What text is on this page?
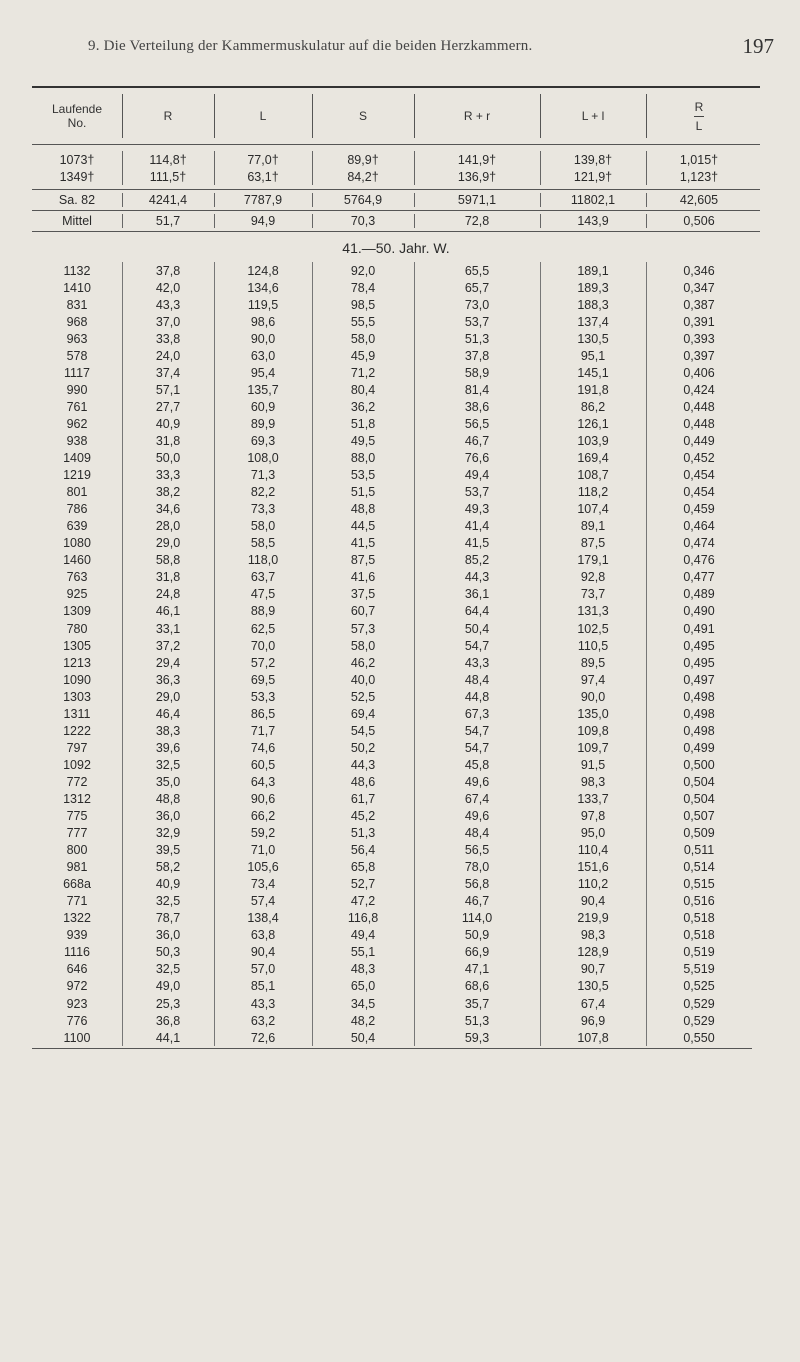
9. Die Verteilung der Kammermuskulatur auf die beiden Herzkammern.	197
Laufende
No.	R	L	S	R + r	L + l	$\frac{R}{L}$
1073†	114,8†	77,0†	89,9†	141,9†	139,8†	1,015†
1349†	111,5†	63,1†	84,2†	136,9†	121,9†	1,123†
Sa. 82	4241,4	7787,9	5764,9	5971,1	11802,1	42,605
Mittel	51,7	94,9	70,3	72,8	143,9	0,506
41.—50. Jahr. W.
1132	37,8	124,8	92,0	65,5	189,1	0,346
1410	42,0	134,6	78,4	65,7	189,3	0,347
831	43,3	119,5	98,5	73,0	188,3	0,387
968	37,0	98,6	55,5	53,7	137,4	0,391
963	33,8	90,0	58,0	51,3	130,5	0,393
578	24,0	63,0	45,9	37,8	95,1	0,397
1117	37,4	95,4	71,2	58,9	145,1	0,406
990	57,1	135,7	80,4	81,4	191,8	0,424
761	27,7	60,9	36,2	38,6	86,2	0,448
962	40,9	89,9	51,8	56,5	126,1	0,448
938	31,8	69,3	49,5	46,7	103,9	0,449
1409	50,0	108,0	88,0	76,6	169,4	0,452
1219	33,3	71,3	53,5	49,4	108,7	0,454
801	38,2	82,2	51,5	53,7	118,2	0,454
786	34,6	73,3	48,8	49,3	107,4	0,459
639	28,0	58,0	44,5	41,4	89,1	0,464
1080	29,0	58,5	41,5	41,5	87,5	0,474
1460	58,8	118,0	87,5	85,2	179,1	0,476
763	31,8	63,7	41,6	44,3	92,8	0,477
925	24,8	47,5	37,5	36,1	73,7	0,489
1309	46,1	88,9	60,7	64,4	131,3	0,490
780	33,1	62,5	57,3	50,4	102,5	0,491
1305	37,2	70,0	58,0	54,7	110,5	0,495
1213	29,4	57,2	46,2	43,3	89,5	0,495
1090	36,3	69,5	40,0	48,4	97,4	0,497
1303	29,0	53,3	52,5	44,8	90,0	0,498
1311	46,4	86,5	69,4	67,3	135,0	0,498
1222	38,3	71,7	54,5	54,7	109,8	0,498
797	39,6	74,6	50,2	54,7	109,7	0,499
1092	32,5	60,5	44,3	45,8	91,5	0,500
772	35,0	64,3	48,6	49,6	98,3	0,504
1312	48,8	90,6	61,7	67,4	133,7	0,504
775	36,0	66,2	45,2	49,6	97,8	0,507
777	32,9	59,2	51,3	48,4	95,0	0,509
800	39,5	71,0	56,4	56,5	110,4	0,511
981	58,2	105,6	65,8	78,0	151,6	0,514
668a	40,9	73,4	52,7	56,8	110,2	0,515
771	32,5	57,4	47,2	46,7	90,4	0,516
1322	78,7	138,4	116,8	114,0	219,9	0,518
939	36,0	63,8	49,4	50,9	98,3	0,518
1116	50,3	90,4	55,1	66,9	128,9	0,519
646	32,5	57,0	48,3	47,1	90,7	5,519
972	49,0	85,1	65,0	68,6	130,5	0,525
923	25,3	43,3	34,5	35,7	67,4	0,529
776	36,8	63,2	48,2	51,3	96,9	0,529
1100	44,1	72,6	50,4	59,3	107,8	0,550
